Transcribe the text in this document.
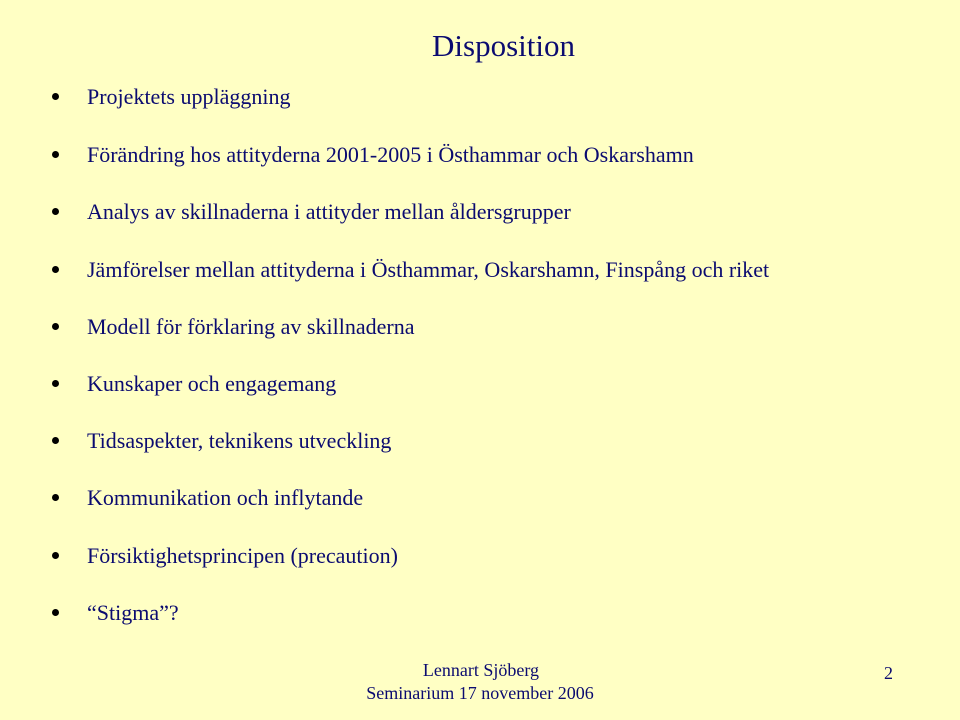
Disposition
Projektets uppläggning
Förändring hos attityderna 2001-2005 i Östhammar och Oskarshamn
Analys av skillnaderna i attityder mellan åldersgrupper
Jämförelser mellan attityderna i Östhammar, Oskarshamn, Finspång och riket
Modell för förklaring av skillnaderna
Kunskaper och engagemang
Tidsaspekter, teknikens utveckling
Kommunikation och inflytande
Försiktighetsprincipen (precaution)
“Stigma”?
Lennart Sjöberg
Seminarium 17 november 2006
2
